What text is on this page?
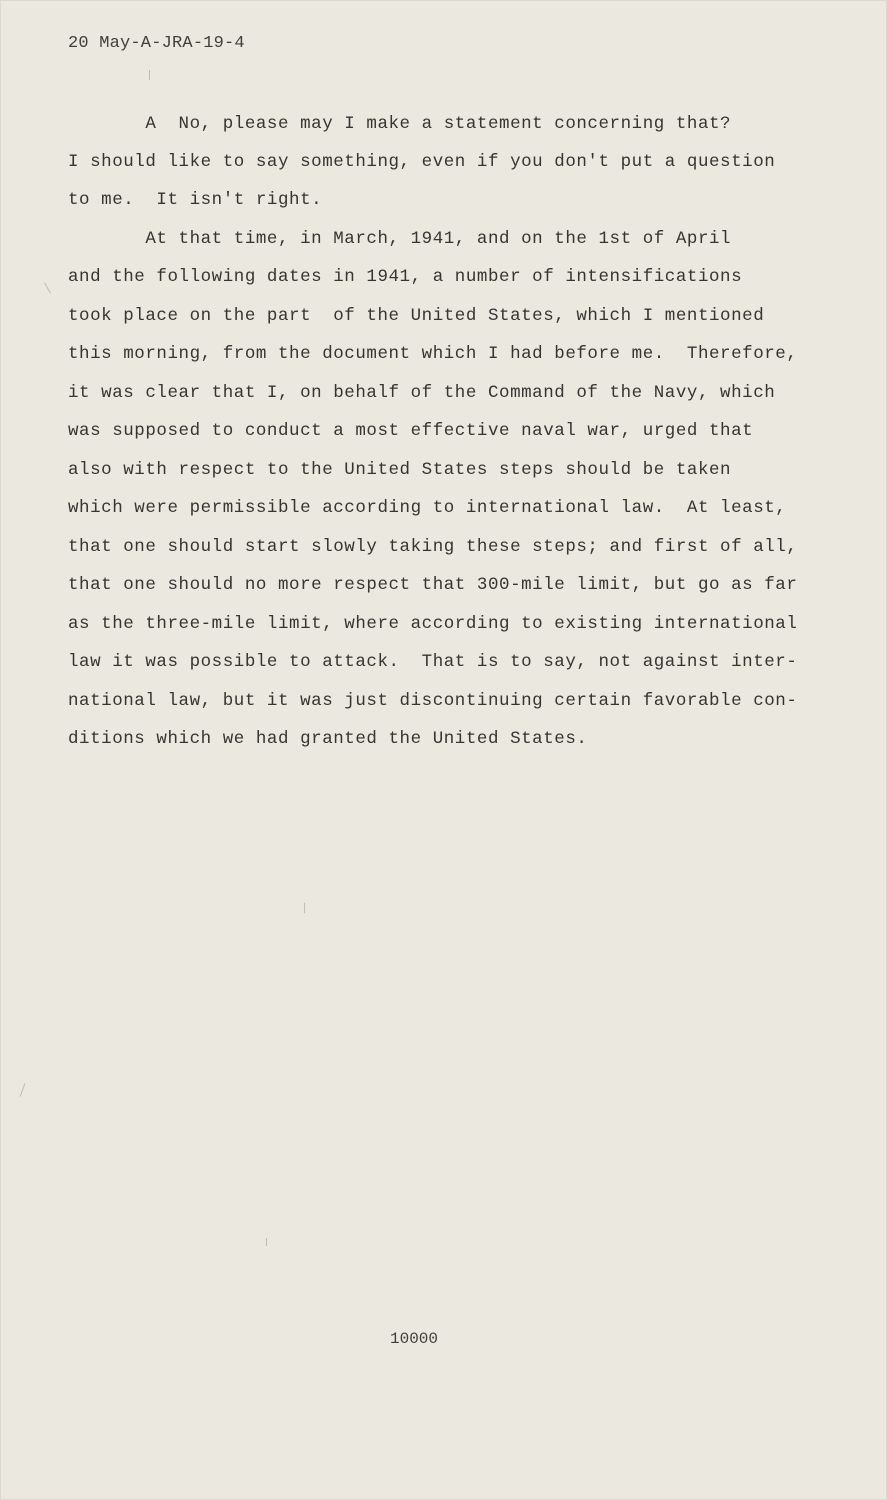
20 May-A-JRA-19-4
A  No, please may I make a statement concerning that?
I should like to say something, even if you don't put a question
to me.  It isn't right.
At that time, in March, 1941, and on the 1st of April
and the following dates in 1941, a number of intensifications
took place on the part  of the United States, which I mentioned
this morning, from the document which I had before me.  Therefore,
it was clear that I, on behalf of the Command of the Navy, which
was supposed to conduct a most effective naval war, urged that
also with respect to the United States steps should be taken
which were permissible according to international law.  At least,
that one should start slowly taking these steps; and first of all,
that one should no more respect that 300-mile limit, but go as far
as the three-mile limit, where according to existing international
law it was possible to attack.  That is to say, not against inter-
national law, but it was just discontinuing certain favorable con-
ditions which we had granted the United States.
10000
